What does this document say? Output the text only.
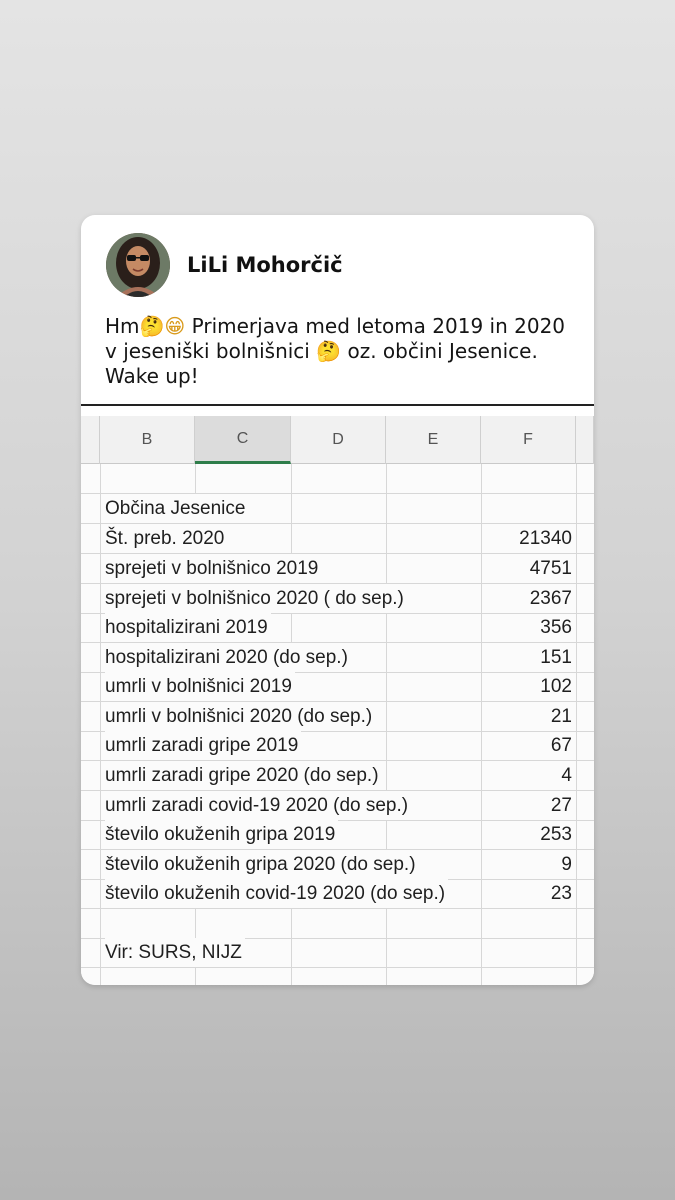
LiLi Mohorčič
Hm🤔😁 Primerjava med letoma 2019 in 2020 v jeseniški bolnišnici 🤔 oz. občini Jesenice. Wake up!
B	C	D	E	F
Občina Jesenice
Št. preb. 2020	21340
sprejeti v bolnišnico 2019	4751
sprejeti v bolnišnico 2020 ( do sep.)	2367
hospitalizirani 2019	356
hospitalizirani 2020 (do sep.)	151
umrli v bolnišnici 2019	102
umrli v bolnišnici 2020 (do sep.)	21
umrli zaradi gripe 2019	67
umrli zaradi gripe 2020 (do sep.)	4
umrli zaradi covid-19 2020 (do sep.)	27
število okuženih gripa 2019	253
število okuženih gripa 2020 (do sep.)	9
število okuženih covid-19 2020 (do sep.)	23
Vir: SURS, NIJZ
